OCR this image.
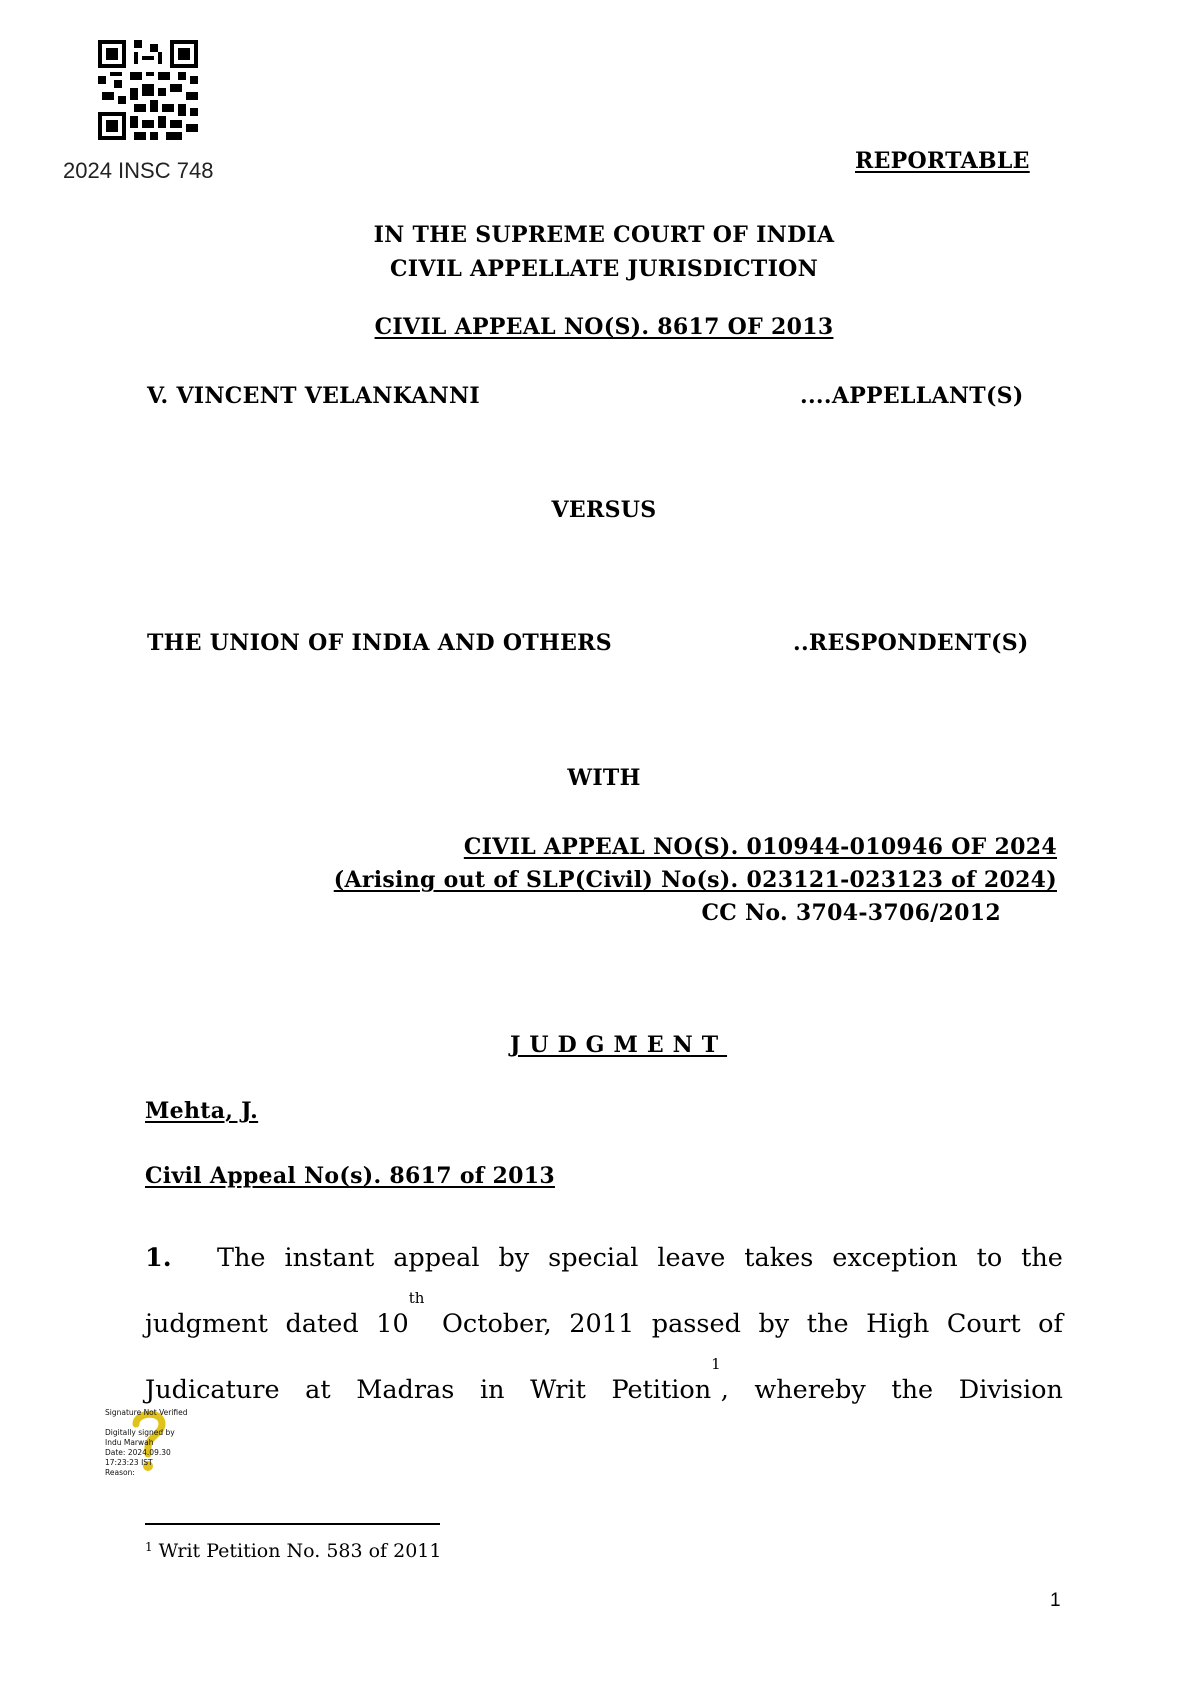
2024 INSC 748	REPORTABLE
IN THE SUPREME COURT OF INDIA
CIVIL APPELLATE JURISDICTION
CIVIL APPEAL NO(S). 8617 OF 2013
V. VINCENT VELANKANNI	....APPELLANT(S)
VERSUS
THE UNION OF INDIA AND OTHERS	..RESPONDENT(S)
WITH
CIVIL APPEAL NO(S). 010944-010946 OF 2024
(Arising out of SLP(Civil) No(s). 023121-023123 of 2024)
CC No. 3704-3706/2012
JUDGMENT
Mehta, J.
Civil Appeal No(s). 8617 of 2013
1.	The instant appeal by special leave takes exception to the
judgment dated 10th
October, 2011 passed by the High Court of
Judicature at Madras in Writ Petition$^1$, whereby the Division
Signature Not Verified
Digitally signed by
Indu Marwah
Date: 2024.09.30
17:23:23 IST
Reason:
$^1$ Writ Petition No. 583 of 2011
1
